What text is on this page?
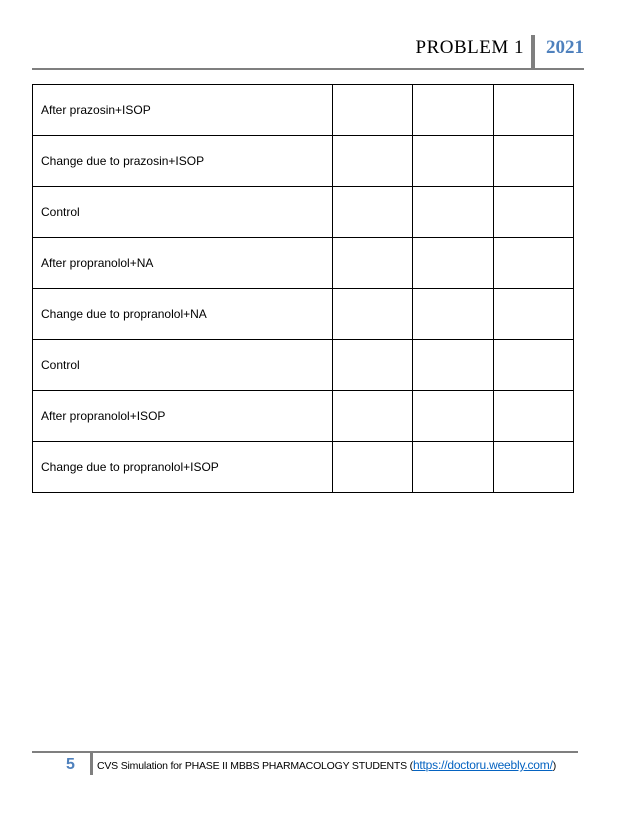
PROBLEM 1 2021
After prazosin+ISOP			
Change due to prazosin+ISOP			
Control			
After propranolol+NA			
Change due to propranolol+NA			
Control			
After propranolol+ISOP			
Change due to propranolol+ISOP			
5 CVS Simulation for PHASE II MBBS PHARMACOLOGY STUDENTS (https://doctoru.weebly.com/)
